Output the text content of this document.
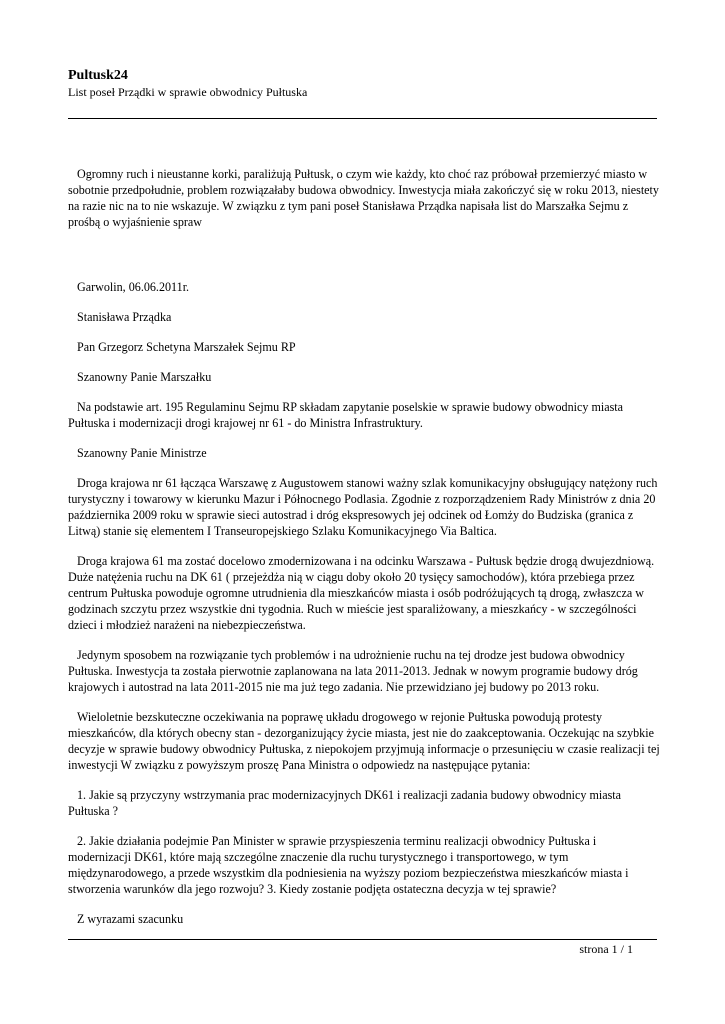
Pultusk24
List poseł Prządki w sprawie obwodnicy Pułtuska

Ogromny ruch i nieustanne korki, paraliżują Pułtusk, o czym wie każdy, kto choć raz próbował przemierzyć miasto w sobotnie przedpołudnie, problem rozwiązałaby budowa obwodnicy. Inwestycja miała zakończyć się w roku 2013, niestety na razie nic na to nie wskazuje. W związku z tym pani poseł Stanisława Prządka napisała list do Marszałka Sejmu z prośbą o wyjaśnienie spraw

Garwolin, 06.06.2011r.

Stanisława Prządka

Pan Grzegorz Schetyna Marszałek Sejmu RP

Szanowny Panie Marszałku

Na podstawie art. 195 Regulaminu Sejmu RP składam zapytanie poselskie w sprawie budowy obwodnicy miasta Pułtuska i modernizacji drogi krajowej nr 61 - do Ministra Infrastruktury.

Szanowny Panie Ministrze

Droga krajowa nr 61 łącząca Warszawę z Augustowem stanowi ważny szlak komunikacyjny obsługujący natężony ruch turystyczny i towarowy w kierunku Mazur i Północnego Podlasia. Zgodnie z rozporządzeniem Rady Ministrów z dnia 20 października 2009 roku w sprawie sieci autostrad i dróg ekspresowych jej odcinek od Łomży do Budziska (granica z Litwą) stanie się elementem I Transeuropejskiego Szlaku Komunikacyjnego Via Baltica.

Droga krajowa 61 ma zostać docelowo zmodernizowana i na odcinku Warszawa - Pułtusk będzie drogą dwujezdniową. Duże natężenia ruchu na DK 61 ( przejeżdża nią w ciągu doby około 20 tysięcy samochodów), która przebiega przez centrum Pułtuska powoduje ogromne utrudnienia dla mieszkańców miasta i osób podróżujących tą drogą, zwłaszcza w godzinach szczytu przez wszystkie dni tygodnia. Ruch w mieście jest sparaliżowany, a mieszkańcy - w szczególności dzieci i młodzież narażeni na niebezpieczeństwa.

Jedynym sposobem na rozwiązanie tych problemów i na udrożnienie ruchu na tej drodze jest budowa obwodnicy Pułtuska. Inwestycja ta została pierwotnie zaplanowana na lata 2011-2013. Jednak w nowym programie budowy dróg krajowych i autostrad na lata 2011-2015 nie ma już tego zadania. Nie przewidziano jej budowy po 2013 roku.

Wieloletnie bezskuteczne oczekiwania na poprawę układu drogowego w rejonie Pułtuska powodują protesty mieszkańców, dla których obecny stan - dezorganizujący życie miasta, jest nie do zaakceptowania. Oczekując na szybkie decyzje w sprawie budowy obwodnicy Pułtuska, z niepokojem przyjmują informacje o przesunięciu w czasie realizacji tej inwestycji W związku z powyższym proszę Pana Ministra o odpowiedz na następujące pytania:

1. Jakie są przyczyny wstrzymania prac modernizacyjnych DK61 i realizacji zadania budowy obwodnicy miasta Pułtuska ?

2. Jakie działania podejmie Pan Minister w sprawie przyspieszenia terminu realizacji obwodnicy Pułtuska i modernizacji DK61, które mają szczególne znaczenie dla ruchu turystycznego i transportowego, w tym międzynarodowego, a przede wszystkim dla podniesienia na wyższy poziom bezpieczeństwa mieszkańców miasta i stworzenia warunków dla jego rozwoju? 3. Kiedy zostanie podjęta ostateczna decyzja w tej sprawie?

Z wyrazami szacunku

strona 1 / 1
